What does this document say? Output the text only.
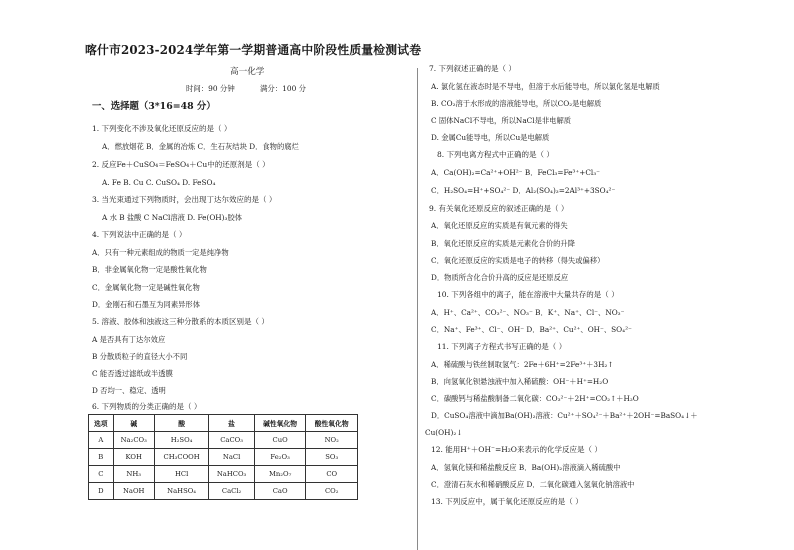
喀什市2023-2024学年第一学期普通高中阶段性质量检测试卷
高一化学
时间：90 分钟	满分：100 分
一、选择题（3*16=48 分）
1. 下列变化不涉及氧化还原反应的是（ ）
A．燃放烟花 B．金属的冶炼 C．生石灰结块 D．食物的腐烂
2. 反应Fe＋CuSO₄＝FeSO₄＋Cu中的还原剂是（ ）
A. Fe B. Cu C. CuSO₄ D. FeSO₄
3. 当光束通过下列物质时，会出现丁达尔效应的是（ ）
A 水 B 盐酸 C NaCl溶液 D. Fe(OH)₃胶体
4. 下列说法中正确的是（ ）
A．只有一种元素组成的物质一定是纯净物
B．非金属氧化物一定是酸性氧化物
C．金属氧化物一定是碱性氧化物
D．金刚石和石墨互为同素异形体
5. 溶液、胶体和浊液这三种分散系的本质区别是（ ）
A 是否具有丁达尔效应
B 分散质粒子的直径大小不同
C 能否透过滤纸或半透膜
D 否均一、稳定、透明
6. 下列物质的分类正确的是（ ）
选项	碱	酸	盐	碱性氧化物	酸性氧化物
A	Na₂CO₃	H₂SO₄	CaCO₃	CuO	NO₂
B	KOH	CH₃COOH	NaCl	Fe₂O₃	SO₃
C	NH₃	HCl	NaHCO₃	Mn₂O₇	CO
D	NaOH	NaHSO₄	CaCl₂	CaO	CO₂
7. 下列叙述正确的是（ ）
A. 氯化氢在液态时是不导电，但溶于水后能导电，所以氯化氢是电解质
B. CO₂溶于水形成的溶液能导电，所以CO₂是电解质
C 固体NaCl不导电，所以NaCl是非电解质
D. 金属Cu能导电，所以Cu是电解质
8. 下列电离方程式中正确的是（ ）
A．Ca(OH)₂=Ca²⁺+OH²⁻ B．FeCl₃=Fe³⁺+Cl₃⁻
C．H₂SO₄=H⁺+SO₄²⁻ D．Al₂(SO₄)₃=2Al³⁺+3SO₄²⁻
9. 有关氧化还原反应的叙述正确的是（ ）
A．氧化还原反应的实质是有氧元素的得失
B．氧化还原反应的实质是元素化合价的升降
C．氧化还原反应的实质是电子的转移（得失或偏移）
D．物质所含化合价升高的反应是还原反应
10. 下列各组中的离子，能在溶液中大量共存的是（ ）
A．H⁺、Ca²⁺、CO₃²⁻、NO₃⁻ B．K⁺、Na⁺、Cl⁻、NO₃⁻
C．Na⁺、Fe³⁺、Cl⁻、OH⁻ D．Ba²⁺、Cu²⁺、OH⁻、SO₄²⁻
11. 下列离子方程式书写正确的是（ ）
A．稀硫酸与铁丝制取氢气：2Fe＋6H⁺=2Fe³⁺＋3H₂↑
B．向氢氧化钡悬浊液中加入稀硫酸：OH⁻＋H⁺=H₂O
C．碳酸钙与稀盐酸制备二氧化碳：CO₃²⁻＋2H⁺=CO₂↑＋H₂O
D．CuSO₄溶液中滴加Ba(OH)₂溶液：Cu²⁺＋SO₄²⁻＋Ba²⁺＋2OH⁻=BaSO₄↓＋
Cu(OH)₂↓
12. 能用H⁺＋OH⁻=H₂O来表示的化学反应是（ ）
A．氢氧化镁和稀盐酸反应 B．Ba(OH)₂溶液滴入稀硫酸中
C．澄清石灰水和稀硝酸反应 D．二氧化碳通入氢氧化钠溶液中
13. 下列反应中，属于氧化还原反应的是（ ）
